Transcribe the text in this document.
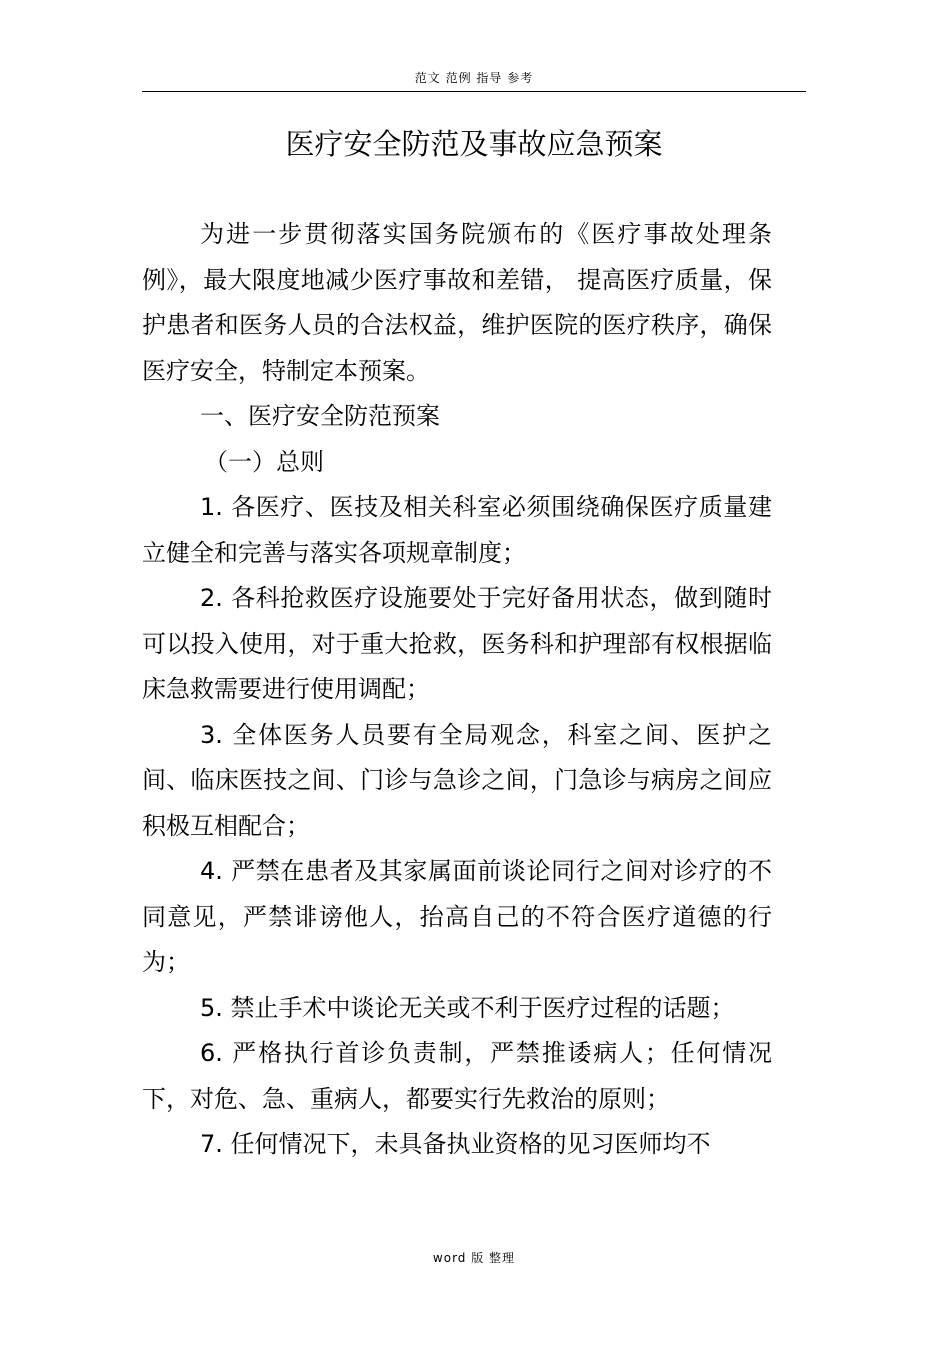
范文 范例 指导 参考
医疗安全防范及事故应急预案

为进一步贯彻落实国务院颁布的《医疗事故处理条例》，最大限度地减少医疗事故和差错， 提高医疗质量，保护患者和医务人员的合法权益，维护医院的医疗秩序，确保医疗安全，特制定本预案。

一、医疗安全防范预案

（一）总则

1. 各医疗、医技及相关科室必须围绕确保医疗质量建立健全和完善与落实各项规章制度；

2. 各科抢救医疗设施要处于完好备用状态，做到随时可以投入使用，对于重大抢救，医务科和护理部有权根据临床急救需要进行使用调配；

3. 全体医务人员要有全局观念，科室之间、医护之间、临床医技之间、门诊与急诊之间，门急诊与病房之间应积极互相配合；

4. 严禁在患者及其家属面前谈论同行之间对诊疗的不同意见，严禁诽谤他人，抬高自己的不符合医疗道德的行为；

5. 禁止手术中谈论无关或不利于医疗过程的话题；

6. 严格执行首诊负责制，严禁推诿病人；任何情况下，对危、急、重病人，都要实行先救治的原则；

7. 任何情况下，未具备执业资格的见习医师均不

word 版 整理
